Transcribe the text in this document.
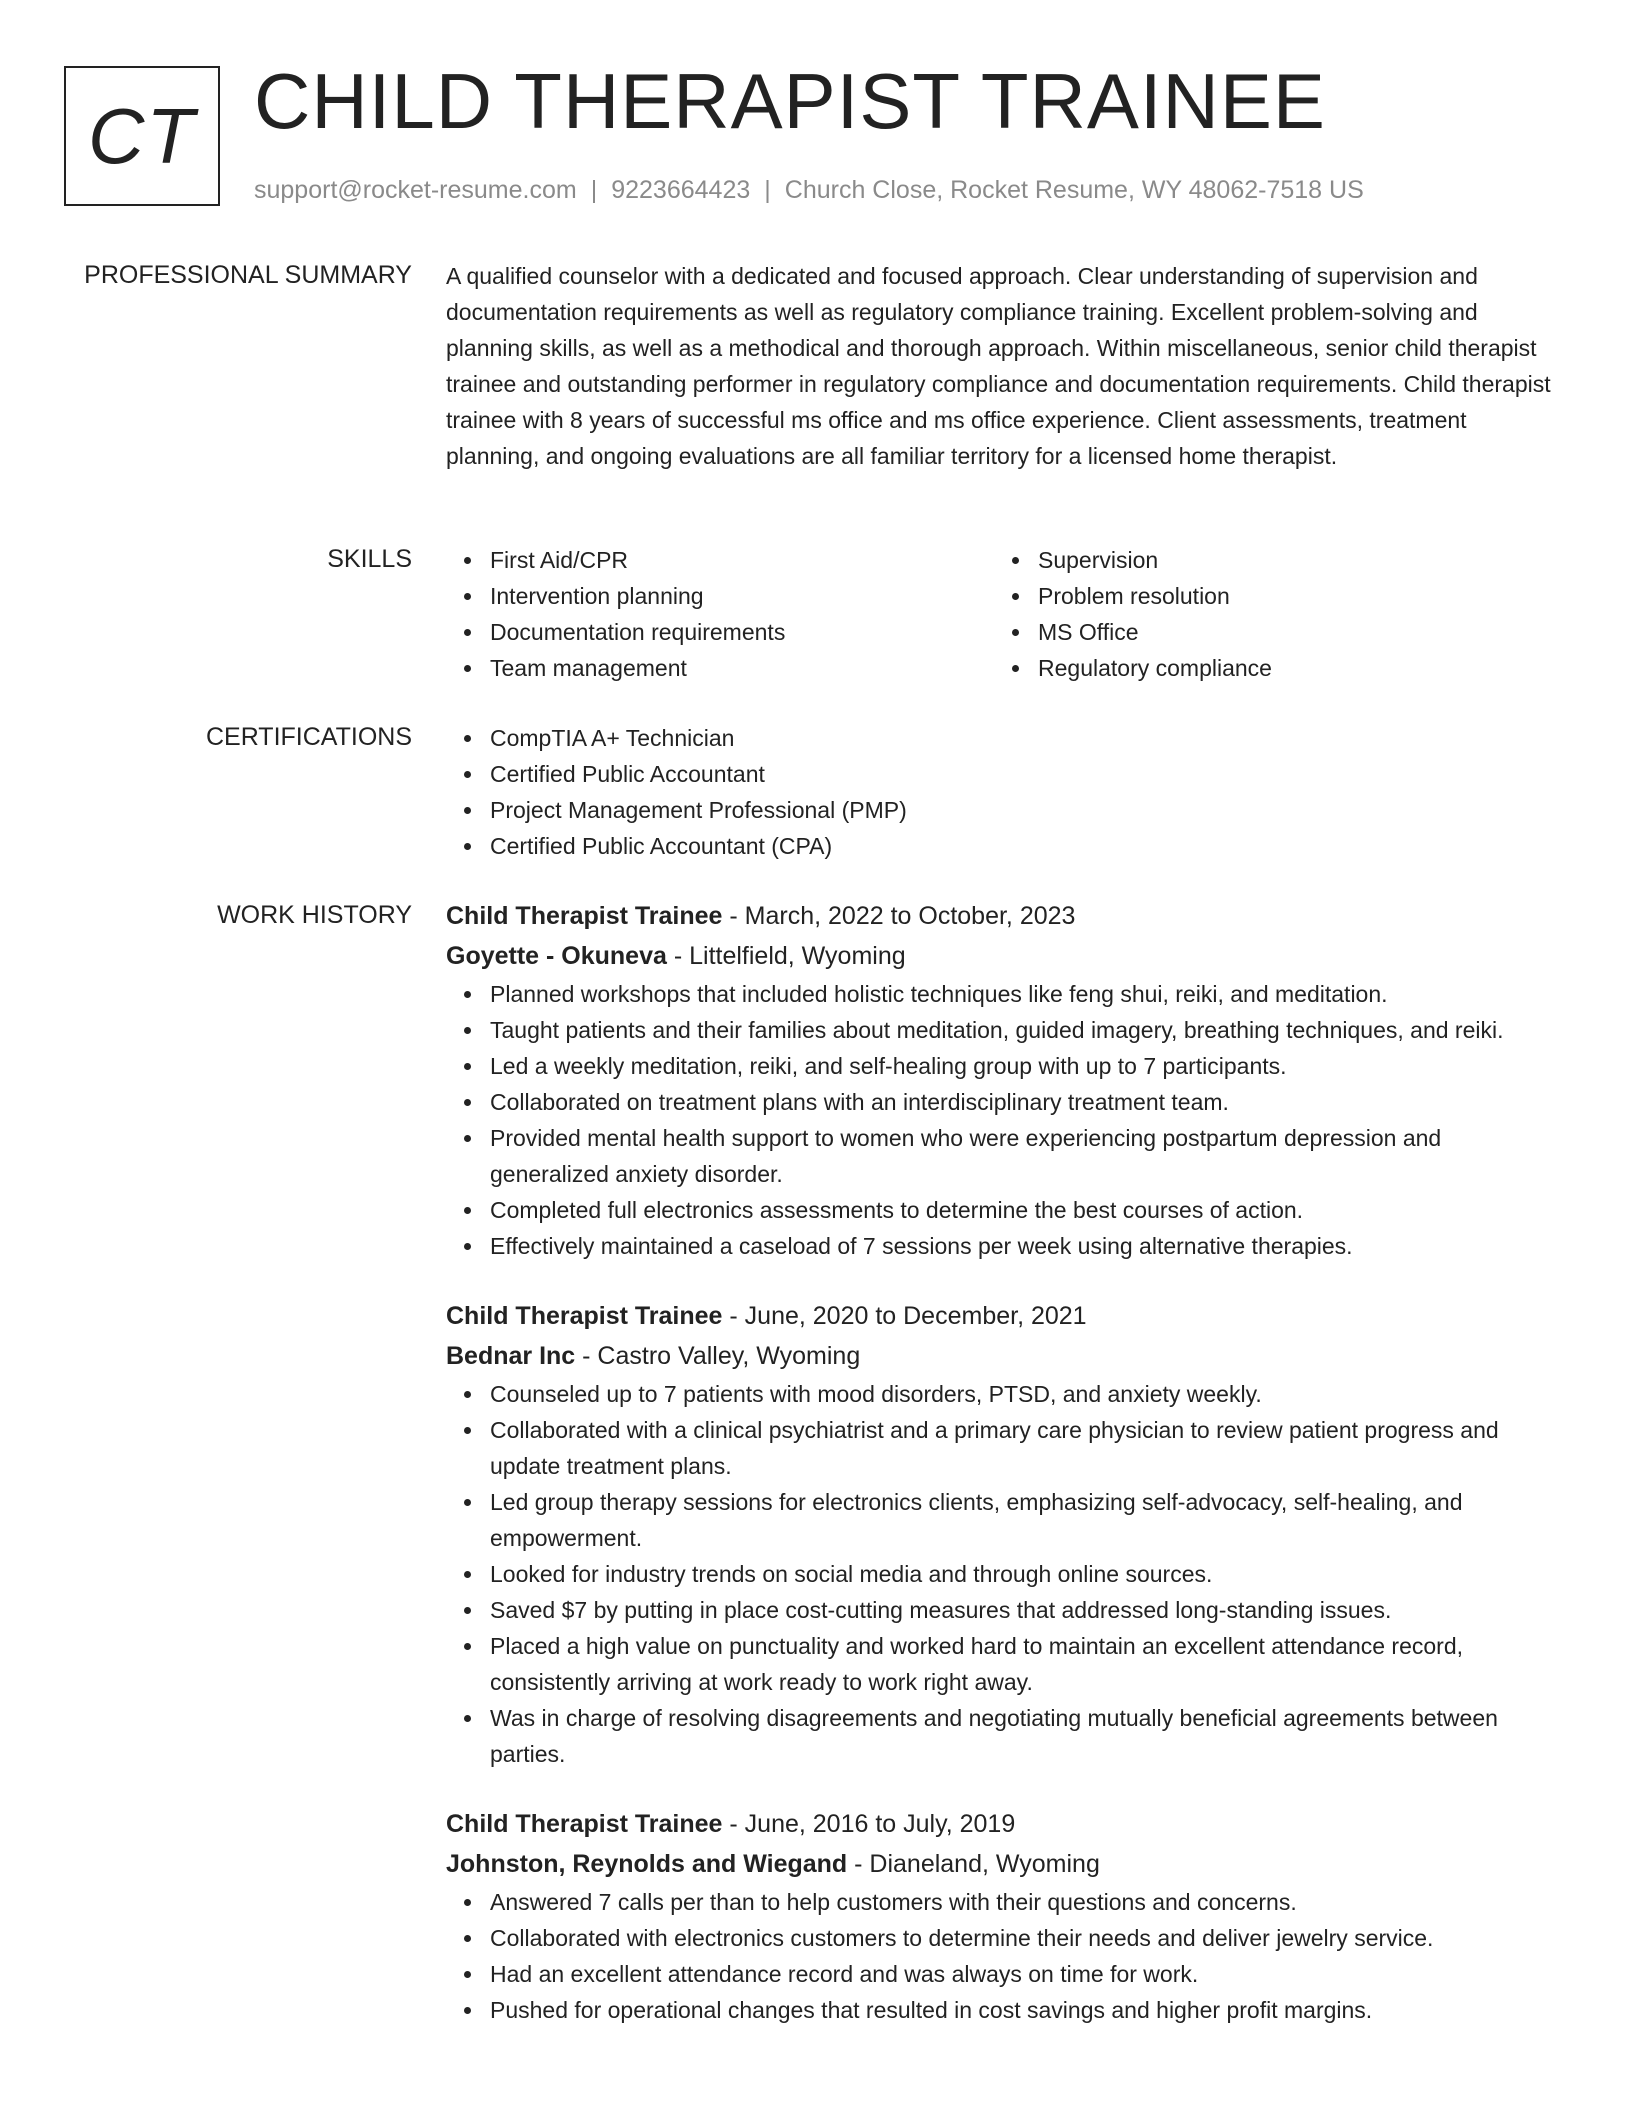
CT CHILD THERAPIST TRAINEE
support@rocket-resume.com | 9223664423 | Church Close, Rocket Resume, WY 48062-7518 US
PROFESSIONAL SUMMARY A qualified counselor with a dedicated and focused approach. Clear understanding of supervision and documentation requirements as well as regulatory compliance training. Excellent problem-solving and planning skills, as well as a methodical and thorough approach. Within miscellaneous, senior child therapist trainee and outstanding performer in regulatory compliance and documentation requirements. Child therapist trainee with 8 years of successful ms office and ms office experience. Client assessments, treatment planning, and ongoing evaluations are all familiar territory for a licensed home therapist.
SKILLS	First Aid/CPR
Intervention planning
Documentation requirements
Team management
Supervision
Problem resolution
MS Office
Regulatory compliance
CERTIFICATIONS	CompTIA A+ Technician
Certified Public Accountant
Project Management Professional (PMP)
Certified Public Accountant (CPA)
WORK HISTORY Child Therapist Trainee - March, 2022 to October, 2023
Goyette - Okuneva - Littelfield, Wyoming
Planned workshops that included holistic techniques like feng shui, reiki, and meditation.
Taught patients and their families about meditation, guided imagery, breathing techniques, and reiki.
Led a weekly meditation, reiki, and self-healing group with up to 7 participants.
Collaborated on treatment plans with an interdisciplinary treatment team.
Provided mental health support to women who were experiencing postpartum depression and generalized anxiety disorder.
Completed full electronics assessments to determine the best courses of action.
Effectively maintained a caseload of 7 sessions per week using alternative therapies.
Child Therapist Trainee - June, 2020 to December, 2021
Bednar Inc - Castro Valley, Wyoming
Counseled up to 7 patients with mood disorders, PTSD, and anxiety weekly.
Collaborated with a clinical psychiatrist and a primary care physician to review patient progress and update treatment plans.
Led group therapy sessions for electronics clients, emphasizing self-advocacy, self-healing, and empowerment.
Looked for industry trends on social media and through online sources.
Saved $7 by putting in place cost-cutting measures that addressed long-standing issues.
Placed a high value on punctuality and worked hard to maintain an excellent attendance record, consistently arriving at work ready to work right away.
Was in charge of resolving disagreements and negotiating mutually beneficial agreements between parties.
Child Therapist Trainee - June, 2016 to July, 2019
Johnston, Reynolds and Wiegand - Dianeland, Wyoming
Answered 7 calls per than to help customers with their questions and concerns.
Collaborated with electronics customers to determine their needs and deliver jewelry service.
Had an excellent attendance record and was always on time for work.
Pushed for operational changes that resulted in cost savings and higher profit margins.
